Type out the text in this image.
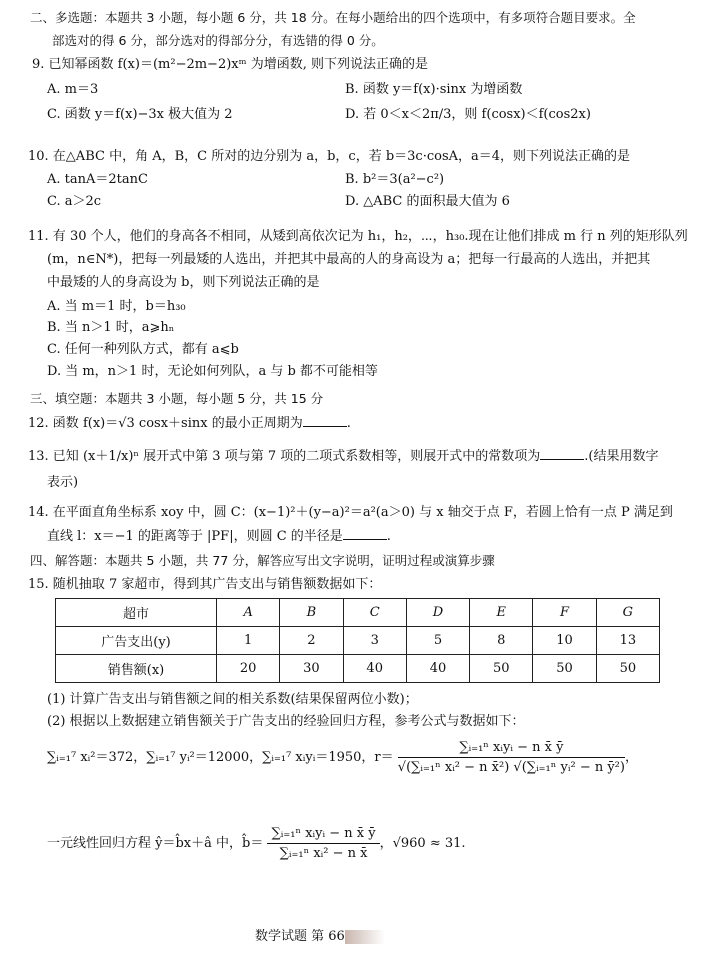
二、多选题：本题共 3 小题，每小题 6 分，共 18 分。在每小题给出的四个选项中，有多项符合题目要求。全
部选对的得 6 分，部分选对的得部分分，有选错的得 0 分。
9. 已知幂函数 f(x)＝(m²−2m−2)xᵐ 为增函数, 则下列说法正确的是
A. m＝3	B. 函数 y＝f(x)·sinx 为增函数
C. 函数 y＝f(x)−3x 极大值为 2	D. 若 0＜x＜2π/3，则 f(cosx)＜f(cos2x)
10. 在△ABC 中，角 A，B，C 所对的边分别为 a，b，c，若 b＝3c·cosA，a＝4，则下列说法正确的是
A. tanA＝2tanC	B. b²＝3(a²−c²)
C. a＞2c	D. △ABC 的面积最大值为 6
11. 有 30 个人，他们的身高各不相同，从矮到高依次记为 h₁，h₂，⋯，h₃₀.现在让他们排成 m 行 n 列的矩形队列
(m，n∈N*)，把每一列最矮的人选出，并把其中最高的人的身高设为 a；把每一行最高的人选出，并把其
中最矮的人的身高设为 b，则下列说法正确的是
A. 当 m＝1 时，b＝h₃₀
B. 当 n＞1 时，a⩾hₙ
C. 任何一种列队方式，都有 a⩽b
D. 当 m，n＞1 时，无论如何列队，a 与 b 都不可能相等
三、填空题：本题共 3 小题，每小题 5 分，共 15 分
12. 函数 f(x)＝√3 cosx＋sinx 的最小正周期为	.
13. 已知 (x＋1/x)ⁿ 展开式中第 3 项与第 7 项的二项式系数相等，则展开式中的常数项为	.(结果用数字
表示)
14. 在平面直角坐标系 xoy 中，圆 C：(x−1)²＋(y−a)²＝a²(a＞0) 与 x 轴交于点 F，若圆上恰有一点 P 满足到
直线 l：x＝−1 的距离等于 |PF|，则圆 C 的半径是	.
四、解答题：本题共 5 小题，共 77 分，解答应写出文字说明，证明过程或演算步骤
15. 随机抽取 7 家超市，得到其广告支出与销售额数据如下：
超市	A	B	C	D	E	F	G
广告支出(y)	1	2	3	5	8	10	13
销售额(x)	20	30	40	40	50	50	50
(1) 计算广告支出与销售额之间的相关系数(结果保留两位小数)；
(2) 根据以上数据建立销售额关于广告支出的经验回归方程，参考公式与数据如下：
∑ᵢ₌₁⁷ xᵢ²＝372，∑ᵢ₌₁⁷ yᵢ²＝12000，∑ᵢ₌₁⁷ xᵢyᵢ＝1950，$r= \frac{\text{∑ᵢ₌₁ⁿ xᵢyᵢ − n x̄ ȳ}}{\text{√(∑ᵢ₌₁ⁿ xᵢ² − n x̄²) √(∑ᵢ₌₁ⁿ yᵢ² − n ȳ²)}}$ ，
一元线性回归方程 ŷ＝b̂x＋â 中，b̂＝ $\frac{\text{∑ᵢ₌₁ⁿ xᵢyᵢ − n x̄ ȳ}}{\text{∑ᵢ₌₁ⁿ xᵢ² − n x̄}}$ ，√960 ≈ 31.
数学试题 第 66
